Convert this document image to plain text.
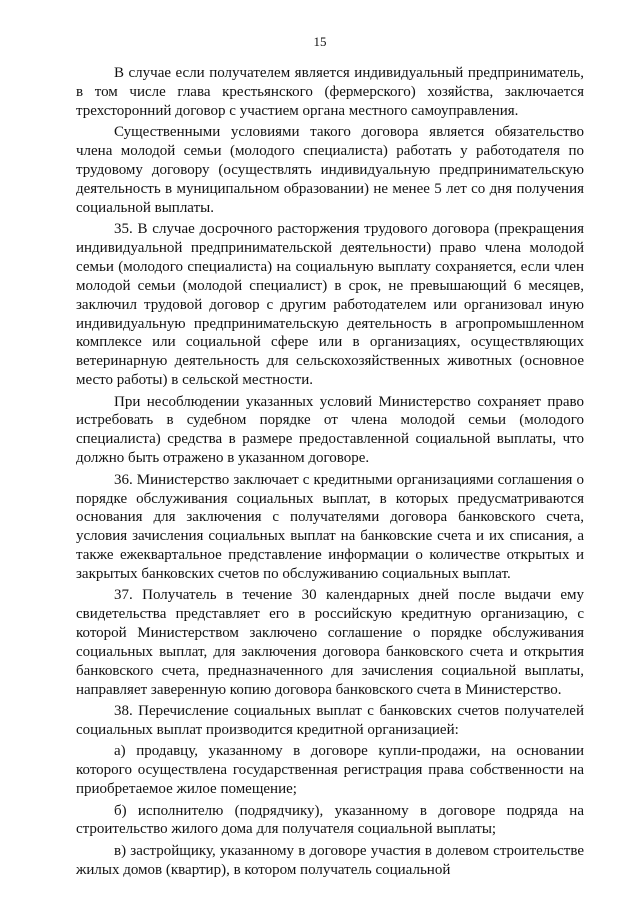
15

В случае если получателем является индивидуальный предприниматель, в том числе глава крестьянского (фермерского) хозяйства, заключается трехсторонний договор с участием органа местного самоуправления.

Существенными условиями такого договора является обязательство члена молодой семьи (молодого специалиста) работать у работодателя по трудовому договору (осуществлять индивидуальную предпринимательскую деятельность в муниципальном образовании) не менее 5 лет со дня получения социальной выплаты.

35. В случае досрочного расторжения трудового договора (прекращения индивидуальной предпринимательской деятельности) право члена молодой семьи (молодого специалиста) на социальную выплату сохраняется, если член молодой семьи (молодой специалист) в срок, не превышающий 6 месяцев, заключил трудовой договор с другим работодателем или организовал иную индивидуальную предпринимательскую деятельность в агропромышленном комплексе или социальной сфере или в организациях, осуществляющих ветеринарную деятельность для сельскохозяйственных животных (основное место работы) в сельской местности.

При несоблюдении указанных условий Министерство сохраняет право истребовать в судебном порядке от члена молодой семьи (молодого специалиста) средства в размере предоставленной социальной выплаты, что должно быть отражено в указанном договоре.

36. Министерство заключает с кредитными организациями соглашения о порядке обслуживания социальных выплат, в которых предусматриваются основания для заключения с получателями договора банковского счета, условия зачисления социальных выплат на банковские счета и их списания, а также ежеквартальное представление информации о количестве открытых и закрытых банковских счетов по обслуживанию социальных выплат.

37. Получатель в течение 30 календарных дней после выдачи ему свидетельства представляет его в российскую кредитную организацию, с которой Министерством заключено соглашение о порядке обслуживания социальных выплат, для заключения договора банковского счета и открытия банковского счета, предназначенного для зачисления социальной выплаты, направляет заверенную копию договора банковского счета в Министерство.

38. Перечисление социальных выплат с банковских счетов получателей социальных выплат производится кредитной организацией:

а) продавцу, указанному в договоре купли-продажи, на основании которого осуществлена государственная регистрация права собственности на приобретаемое жилое помещение;

б) исполнителю (подрядчику), указанному в договоре подряда на строительство жилого дома для получателя социальной выплаты;

в) застройщику, указанному в договоре участия в долевом строительстве жилых домов (квартир), в котором получатель социальной
